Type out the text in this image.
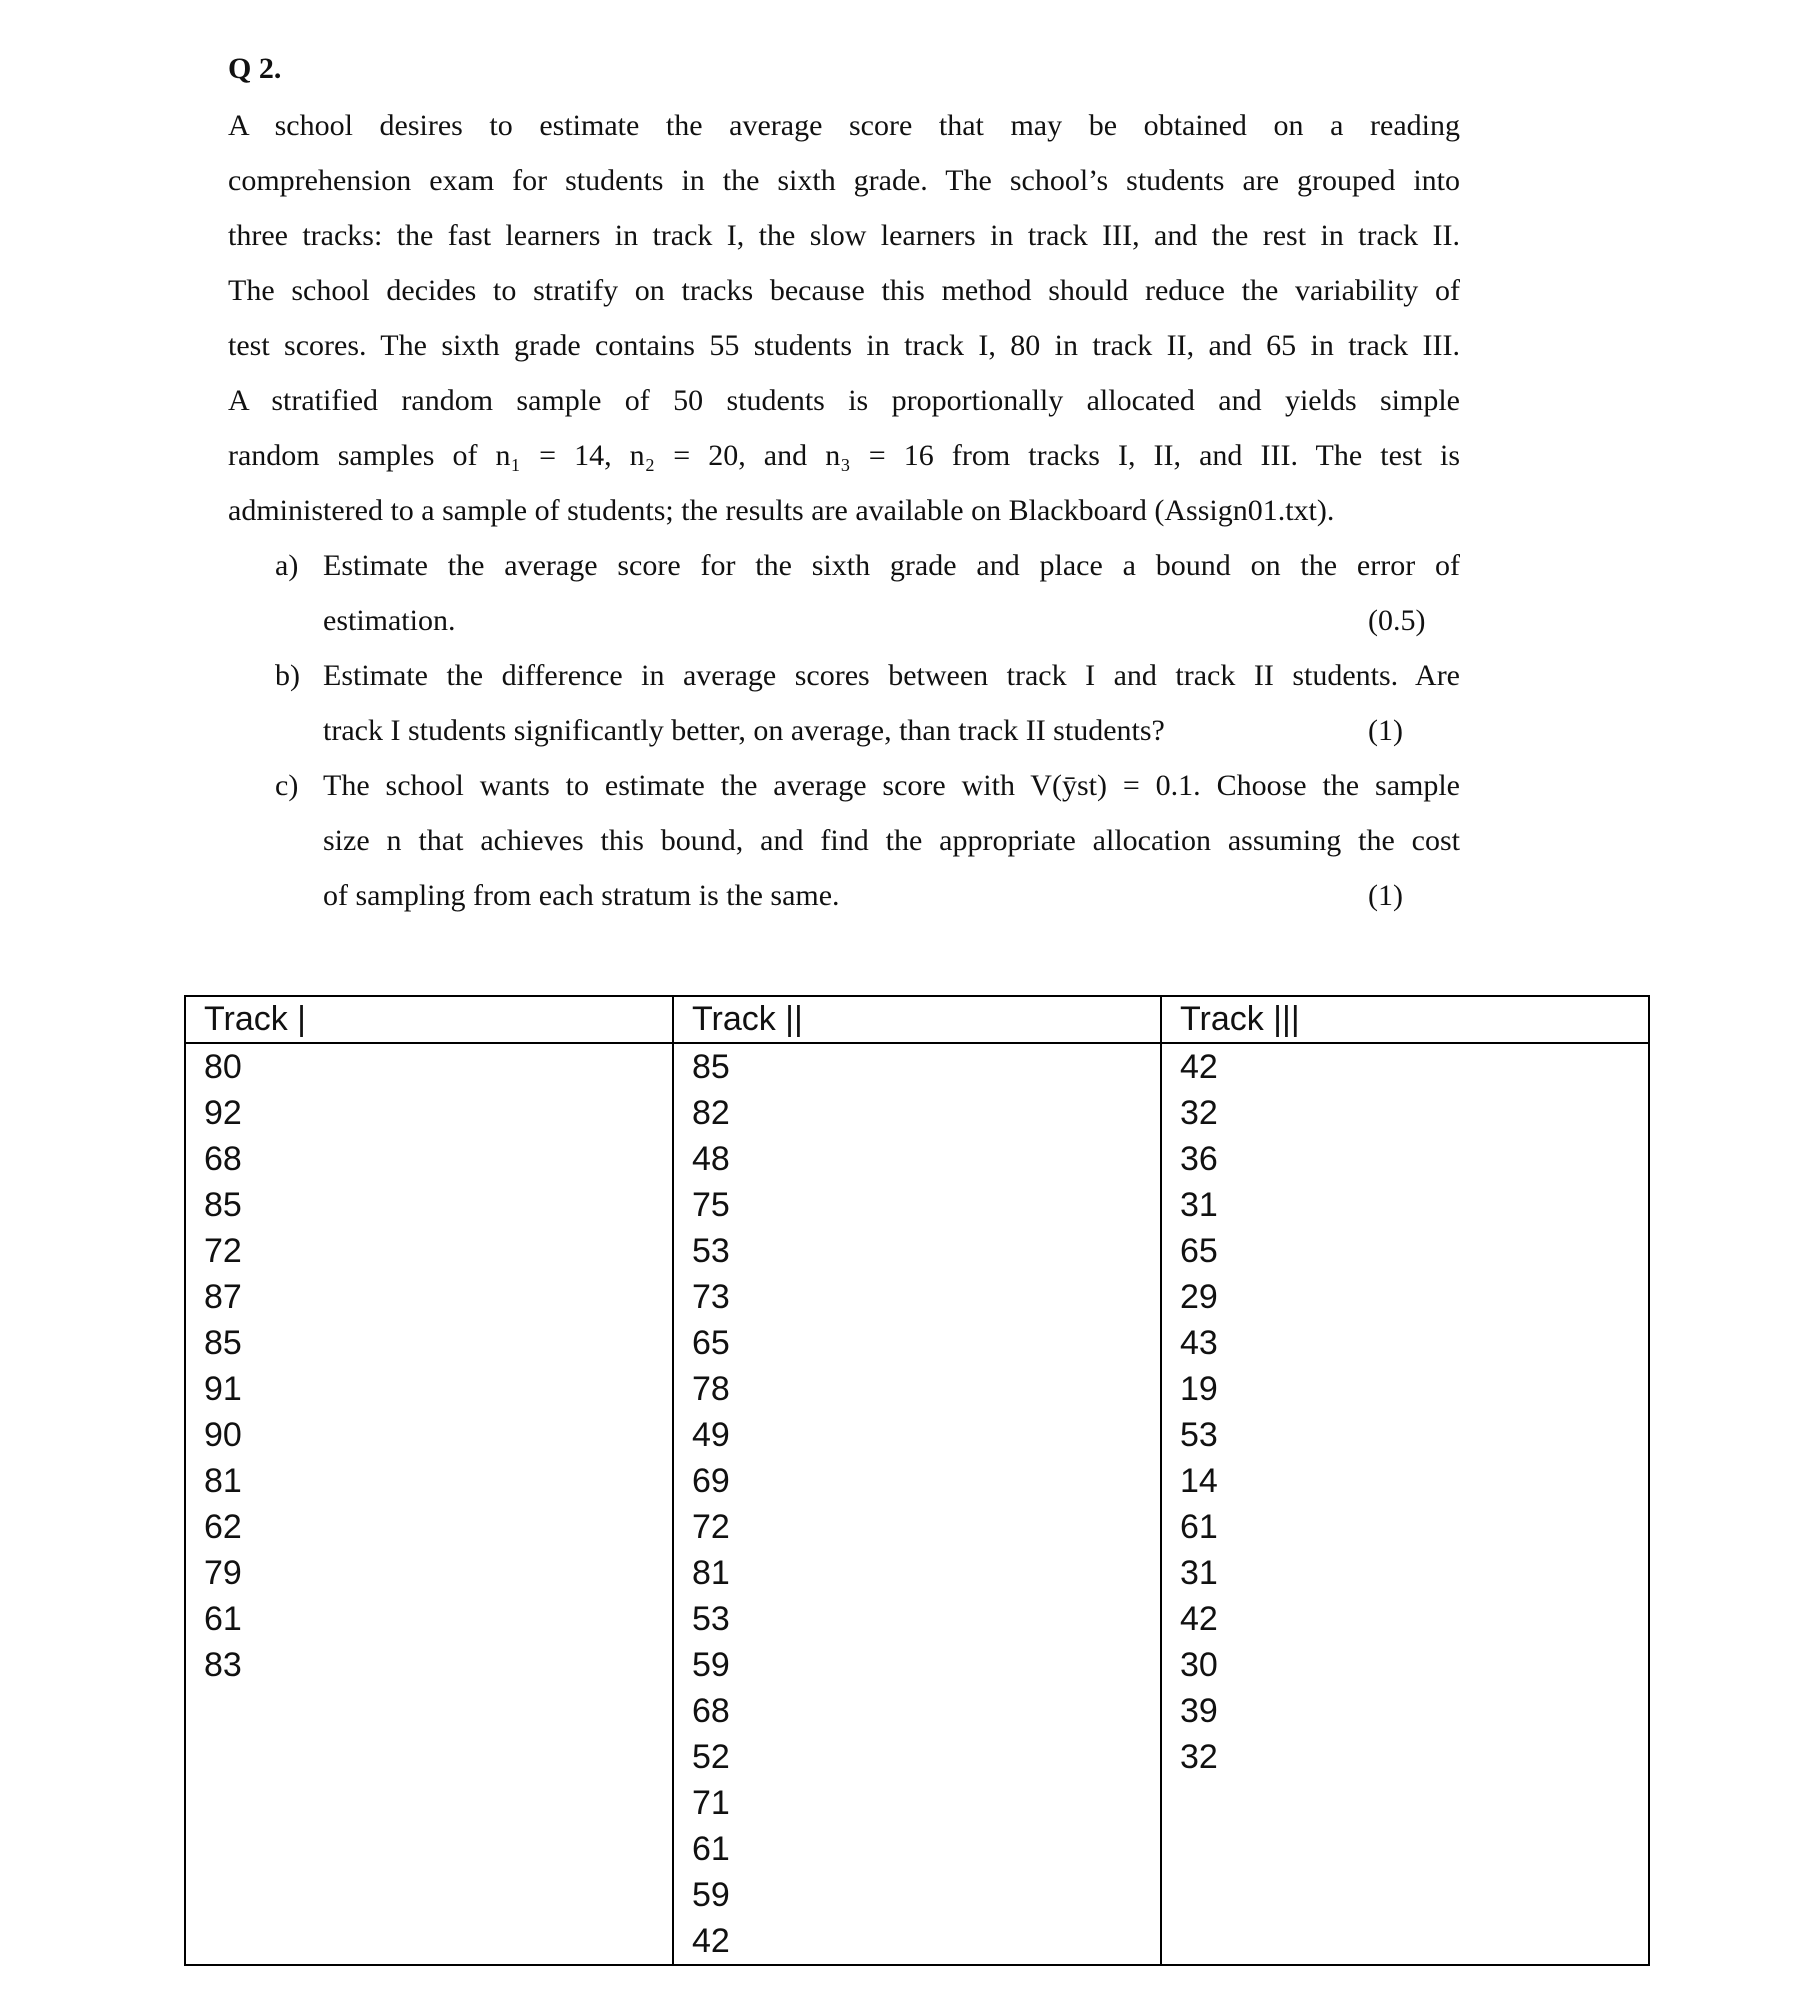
Q 2.
A school desires to estimate the average score that may be obtained on a reading
comprehension exam for students in the sixth grade. The school’s students are grouped into
three tracks: the fast learners in track I, the slow learners in track III, and the rest in track II.
The school decides to stratify on tracks because this method should reduce the variability of
test scores. The sixth grade contains 55 students in track I, 80 in track II, and 65 in track III.
A stratified random sample of 50 students is proportionally allocated and yields simple
random samples of n₁ = 14, n₂ = 20, and n₃ = 16 from tracks I, II, and III. The test is
administered to a sample of students; the results are available on Blackboard (Assign01.txt).
a) Estimate the average score for the sixth grade and place a bound on the error of
estimation.	(0.5)
b) Estimate the difference in average scores between track I and track II students. Are
track I students significantly better, on average, than track II students?	(1)
c) The school wants to estimate the average score with V(ȳst) = 0.1. Choose the sample
size n that achieves this bound, and find the appropriate allocation assuming the cost
of sampling from each stratum is the same.	(1)
Track |	Track ||	Track |||
80	85	42
92	82	32
68	48	36
85	75	31
72	53	65
87	73	29
85	65	43
91	78	19
90	49	53
81	69	14
62	72	61
79	81	31
61	53	42
83	59	30
	68	39
	52	32
	71	
	61	
	59	
	42	
